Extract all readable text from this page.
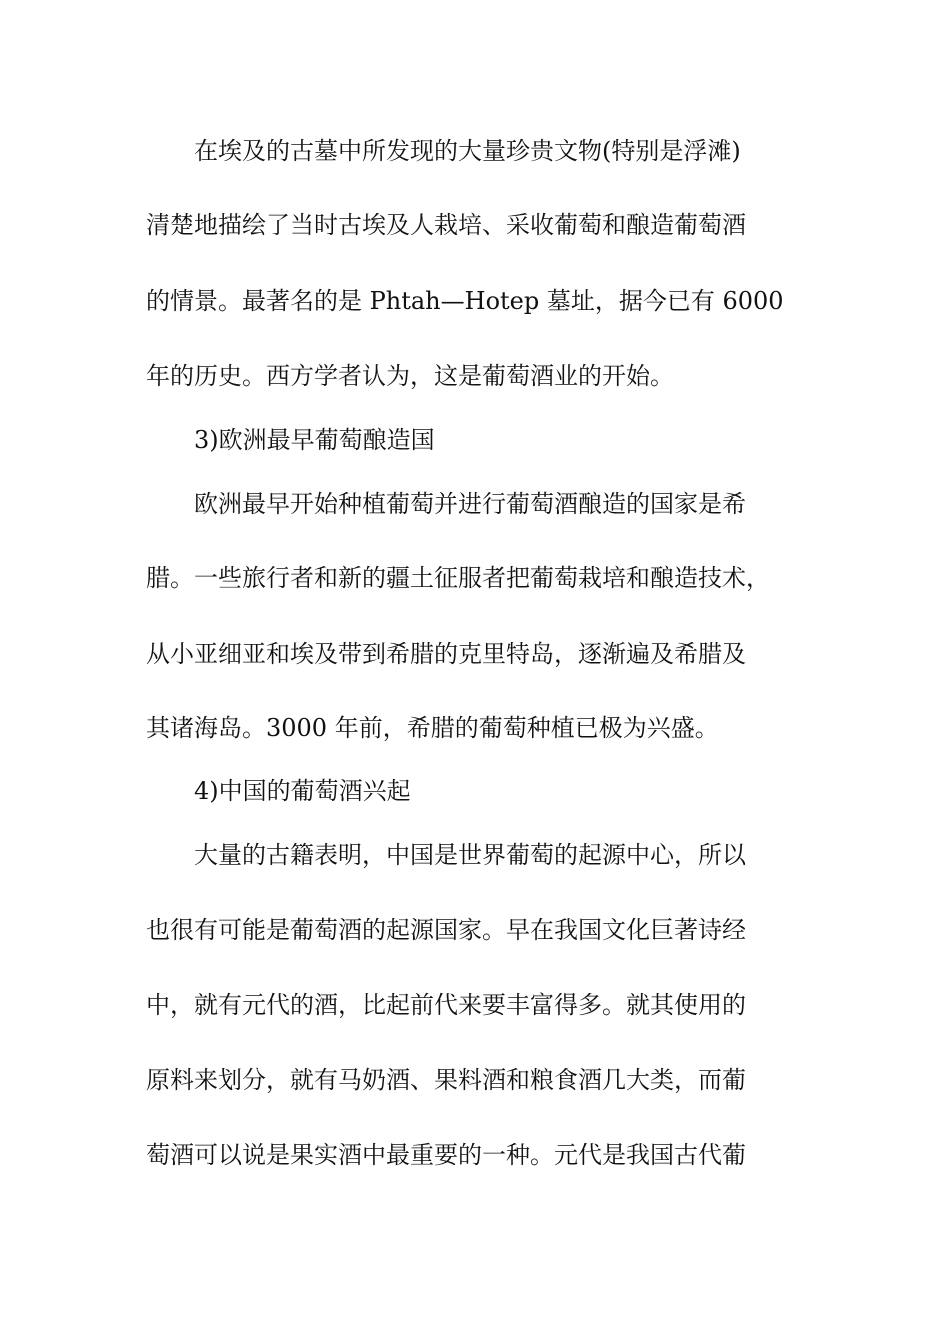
在埃及的古墓中所发现的大量珍贵文物(特别是浮滩)
清楚地描绘了当时古埃及人栽培、采收葡萄和酿造葡萄酒
的情景。最著名的是 Phtah—Hotep 墓址，据今已有 6000
年的历史。西方学者认为，这是葡萄酒业的开始。
3)欧洲最早葡萄酿造国
欧洲最早开始种植葡萄并进行葡萄酒酿造的国家是希
腊。一些旅行者和新的疆土征服者把葡萄栽培和酿造技术，
从小亚细亚和埃及带到希腊的克里特岛，逐渐遍及希腊及
其诸海岛。3000 年前，希腊的葡萄种植已极为兴盛。
4)中国的葡萄酒兴起
大量的古籍表明，中国是世界葡萄的起源中心，所以
也很有可能是葡萄酒的起源国家。早在我国文化巨著诗经
中，就有元代的酒，比起前代来要丰富得多。就其使用的
原料来划分，就有马奶酒、果料酒和粮食酒几大类，而葡
萄酒可以说是果实酒中最重要的一种。元代是我国古代葡
